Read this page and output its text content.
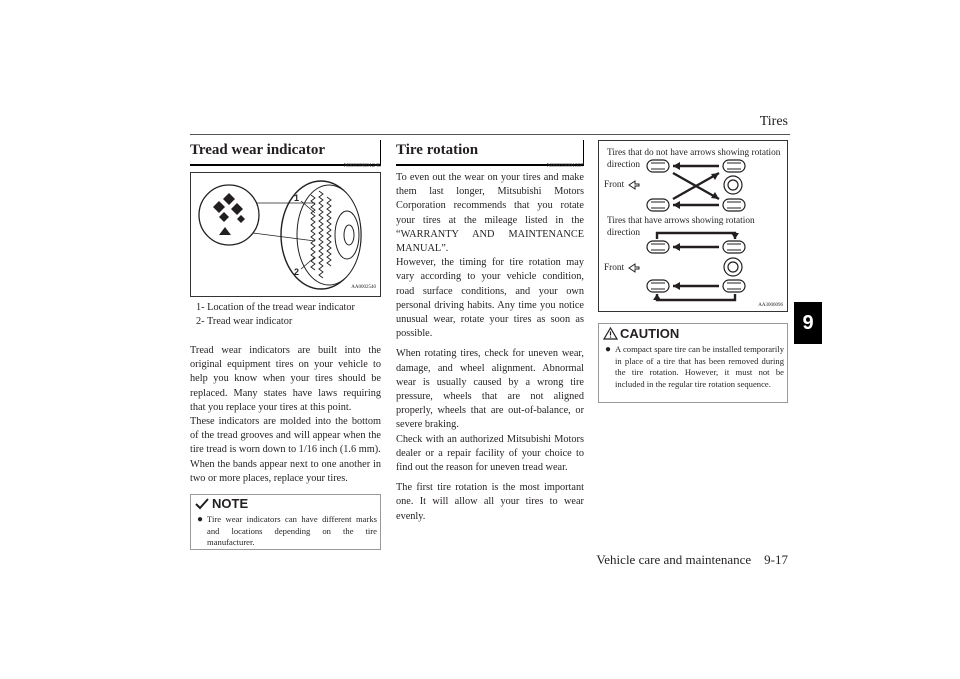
Tires
9
Tread wear indicator
N00939801240
1
2
AA0002540
1- Location of the tread wear indicator
2- Tread wear indicator

Tread wear indicators are built into the original equipment tires on your vehicle to help you know when your tires should be replaced. Many states have laws requiring that you replace your tires at this point.

These indicators are molded into the bottom of the tread grooves and will appear when the tire tread is worn down to 1/16 inch (1.6 mm).

When the bands appear next to one another in two or more places, replace your tires.

NOTE
● Tire wear indicators can have different marks and locations depending on the tire manufacturer.
Tire rotation
N00939901557

To even out the wear on your tires and make them last longer, Mitsubishi Motors Corporation recommends that you rotate your tires at the mileage listed in the “WARRANTY AND MAINTENANCE MANUAL”.

However, the timing for tire rotation may vary according to your vehicle condition, road surface conditions, and your own personal driving habits. Any time you notice unusual wear, rotate your tires as soon as possible.

When rotating tires, check for uneven wear, damage, and wheel alignment. Abnormal wear is usually caused by a wrong tire pressure, wheels that are not aligned properly, wheels that are out-of-balance, or severe braking.

Check with an authorized Mitsubishi Motors dealer or a repair facility of your choice to find out the reason for uneven tread wear.

The first tire rotation is the most important one. It will allow all your tires to wear evenly.

Tires that do not have arrows showing rotation direction
Front
Tires that have arrows showing rotation direction
Front
AA3000096
CAUTION
● A compact spare tire can be installed temporarily in place of a tire that has been removed during the tire rotation. However, it must not be included in the regular tire rotation sequence.
Vehicle care and maintenance    9-17
